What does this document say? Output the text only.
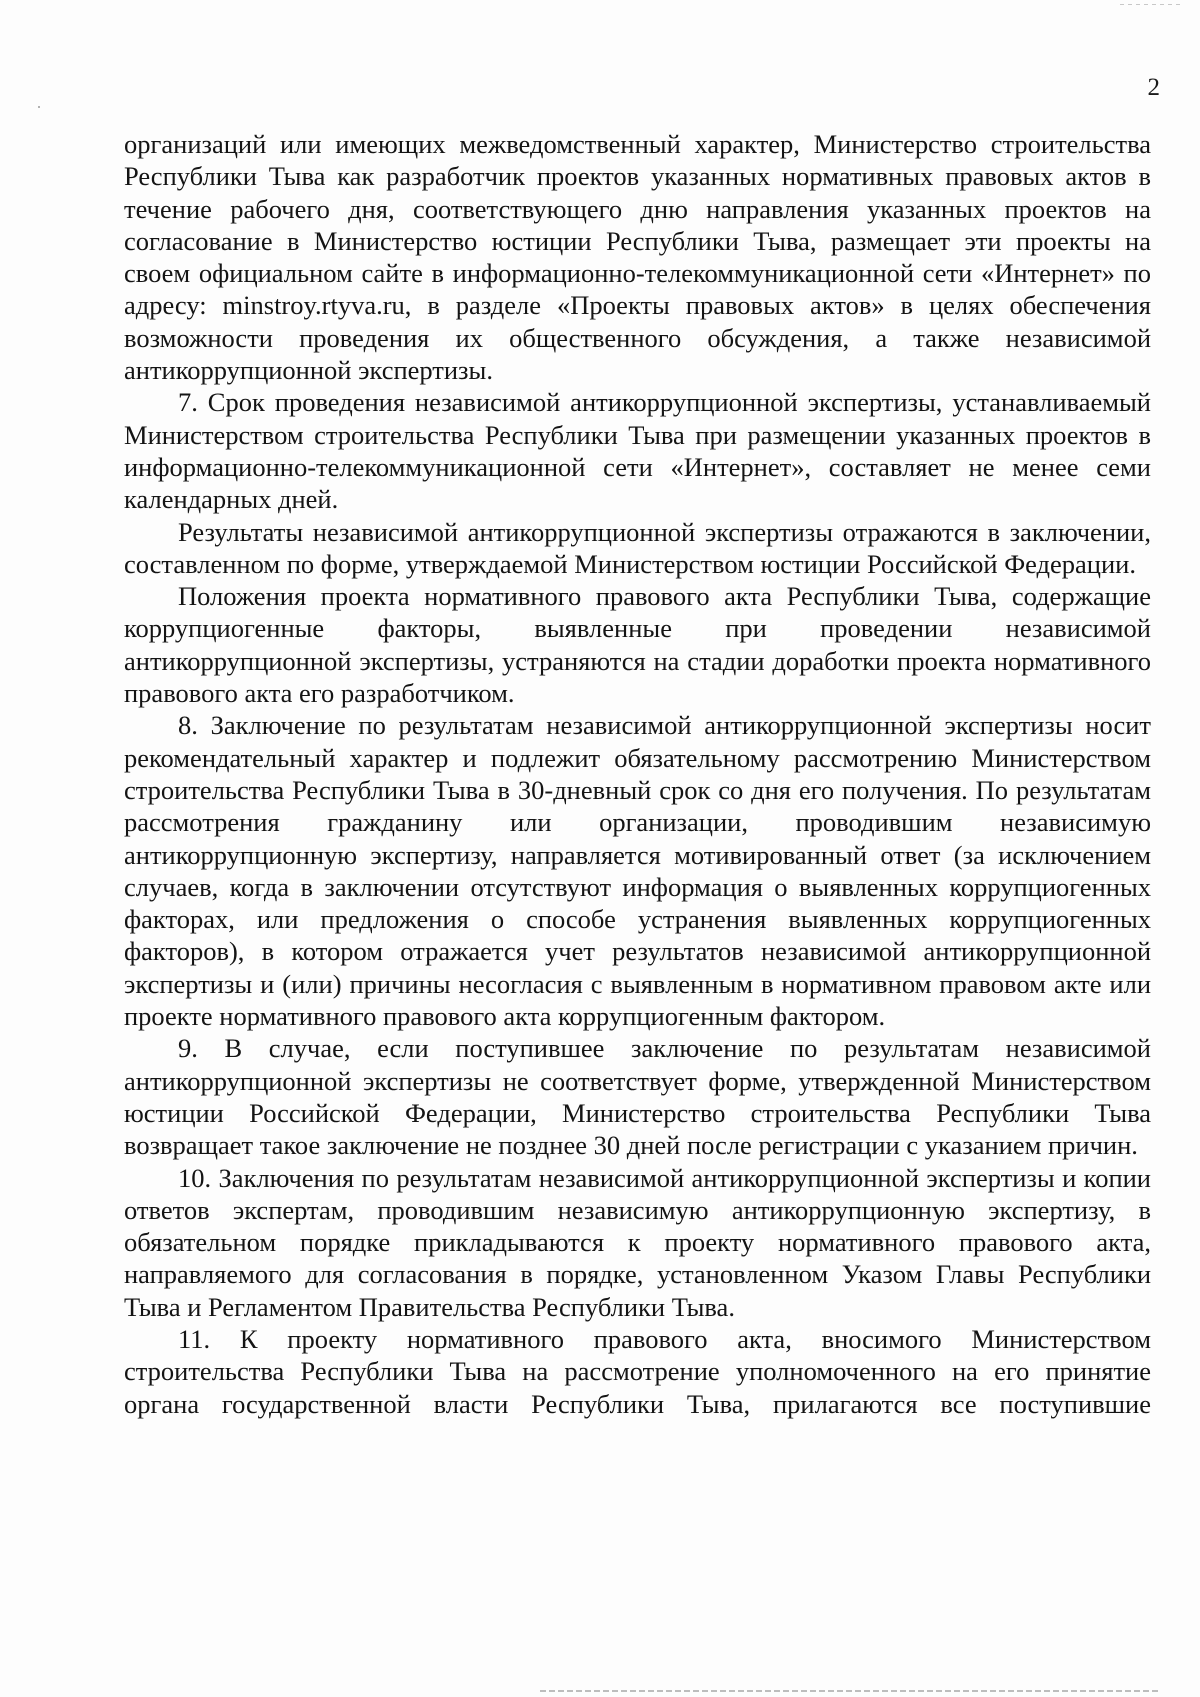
2

организаций или имеющих межведомственный характер, Министерство строительства Республики Тыва как разработчик проектов указанных нормативных правовых актов в течение рабочего дня, соответствующего дню направления указанных проектов на согласование в Министерство юстиции Республики Тыва, размещает эти проекты на своем официальном сайте в информационно-телекоммуникационной сети «Интернет» по адресу: minstroy.rtyva.ru, в разделе «Проекты правовых актов» в целях обеспечения возможности проведения их общественного обсуждения, а также независимой антикоррупционной экспертизы.

7. Срок проведения независимой антикоррупционной экспертизы, устанавливаемый Министерством строительства Республики Тыва при размещении указанных проектов в информационно-телекоммуникационной сети «Интернет», составляет не менее семи календарных дней.

Результаты независимой антикоррупционной экспертизы отражаются в заключении, составленном по форме, утверждаемой Министерством юстиции Российской Федерации.

Положения проекта нормативного правового акта Республики Тыва, содержащие коррупциогенные факторы, выявленные при проведении независимой антикоррупционной экспертизы, устраняются на стадии доработки проекта нормативного правового акта его разработчиком.

8. Заключение по результатам независимой антикоррупционной экспертизы носит рекомендательный характер и подлежит обязательному рассмотрению Министерством строительства Республики Тыва в 30-дневный срок со дня его получения. По результатам рассмотрения гражданину или организации, проводившим независимую антикоррупционную экспертизу, направляется мотивированный ответ (за исключением случаев, когда в заключении отсутствуют информация о выявленных коррупциогенных факторах, или предложения о способе устранения выявленных коррупциогенных факторов), в котором отражается учет результатов независимой антикоррупционной экспертизы и (или) причины несогласия с выявленным в нормативном правовом акте или проекте нормативного правового акта коррупциогенным фактором.

9. В случае, если поступившее заключение по результатам независимой антикоррупционной экспертизы не соответствует форме, утвержденной Министерством юстиции Российской Федерации, Министерство строительства Республики Тыва возвращает такое заключение не позднее 30 дней после регистрации с указанием причин.

10. Заключения по результатам независимой антикоррупционной экспертизы и копии ответов экспертам, проводившим независимую антикоррупционную экспертизу, в обязательном порядке прикладываются к проекту нормативного правового акта, направляемого для согласования в порядке, установленном Указом Главы Республики Тыва и Регламентом Правительства Республики Тыва.

11. К проекту нормативного правового акта, вносимого Министерством строительства Республики Тыва на рассмотрение уполномоченного на его принятие органа государственной власти Республики Тыва, прилагаются все поступившие
